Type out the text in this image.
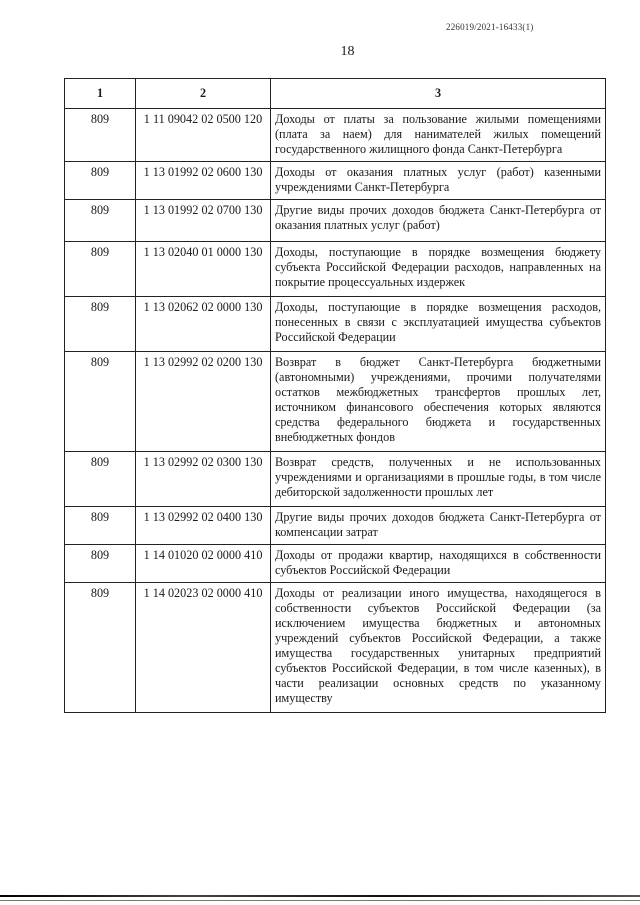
226019/2021-16433(1)
18
1	2	3
809	1 11 09042 02 0500 120	Доходы от платы за пользование жилыми помещениями (плата за наем) для нанимателей жилых помещений государственного жилищного фонда Санкт-Петербурга
809	1 13 01992 02 0600 130	Доходы от оказания платных услуг (работ) казенными учреждениями Санкт-Петербурга
809	1 13 01992 02 0700 130	Другие виды прочих доходов бюджета Санкт-Петербурга от оказания платных услуг (работ)
809	1 13 02040 01 0000 130	Доходы, поступающие в порядке возмещения бюджету субъекта Российской Федерации расходов, направленных на покрытие процессуальных издержек
809	1 13 02062 02 0000 130	Доходы, поступающие в порядке возмещения расходов, понесенных в связи с эксплуатацией имущества субъектов Российской Федерации
809	1 13 02992 02 0200 130	Возврат в бюджет Санкт-Петербурга бюджетными (автономными) учреждениями, прочими получателями остатков межбюджетных трансфертов прошлых лет, источником финансового обеспечения которых являются средства федерального бюджета и государственных внебюджетных фондов
809	1 13 02992 02 0300 130	Возврат средств, полученных и не использованных учреждениями и организациями в прошлые годы, в том числе дебиторской задолженности прошлых лет
809	1 13 02992 02 0400 130	Другие виды прочих доходов бюджета Санкт-Петербурга от компенсации затрат
809	1 14 01020 02 0000 410	Доходы от продажи квартир, находящихся в собственности субъектов Российской Федерации
809	1 14 02023 02 0000 410	Доходы от реализации иного имущества, находящегося в собственности субъектов Российской Федерации (за исключением имущества бюджетных и автономных учреждений субъектов Российской Федерации, а также имущества государственных унитарных предприятий субъектов Российской Федерации, в том числе казенных), в части реализации основных средств по указанному имуществу
